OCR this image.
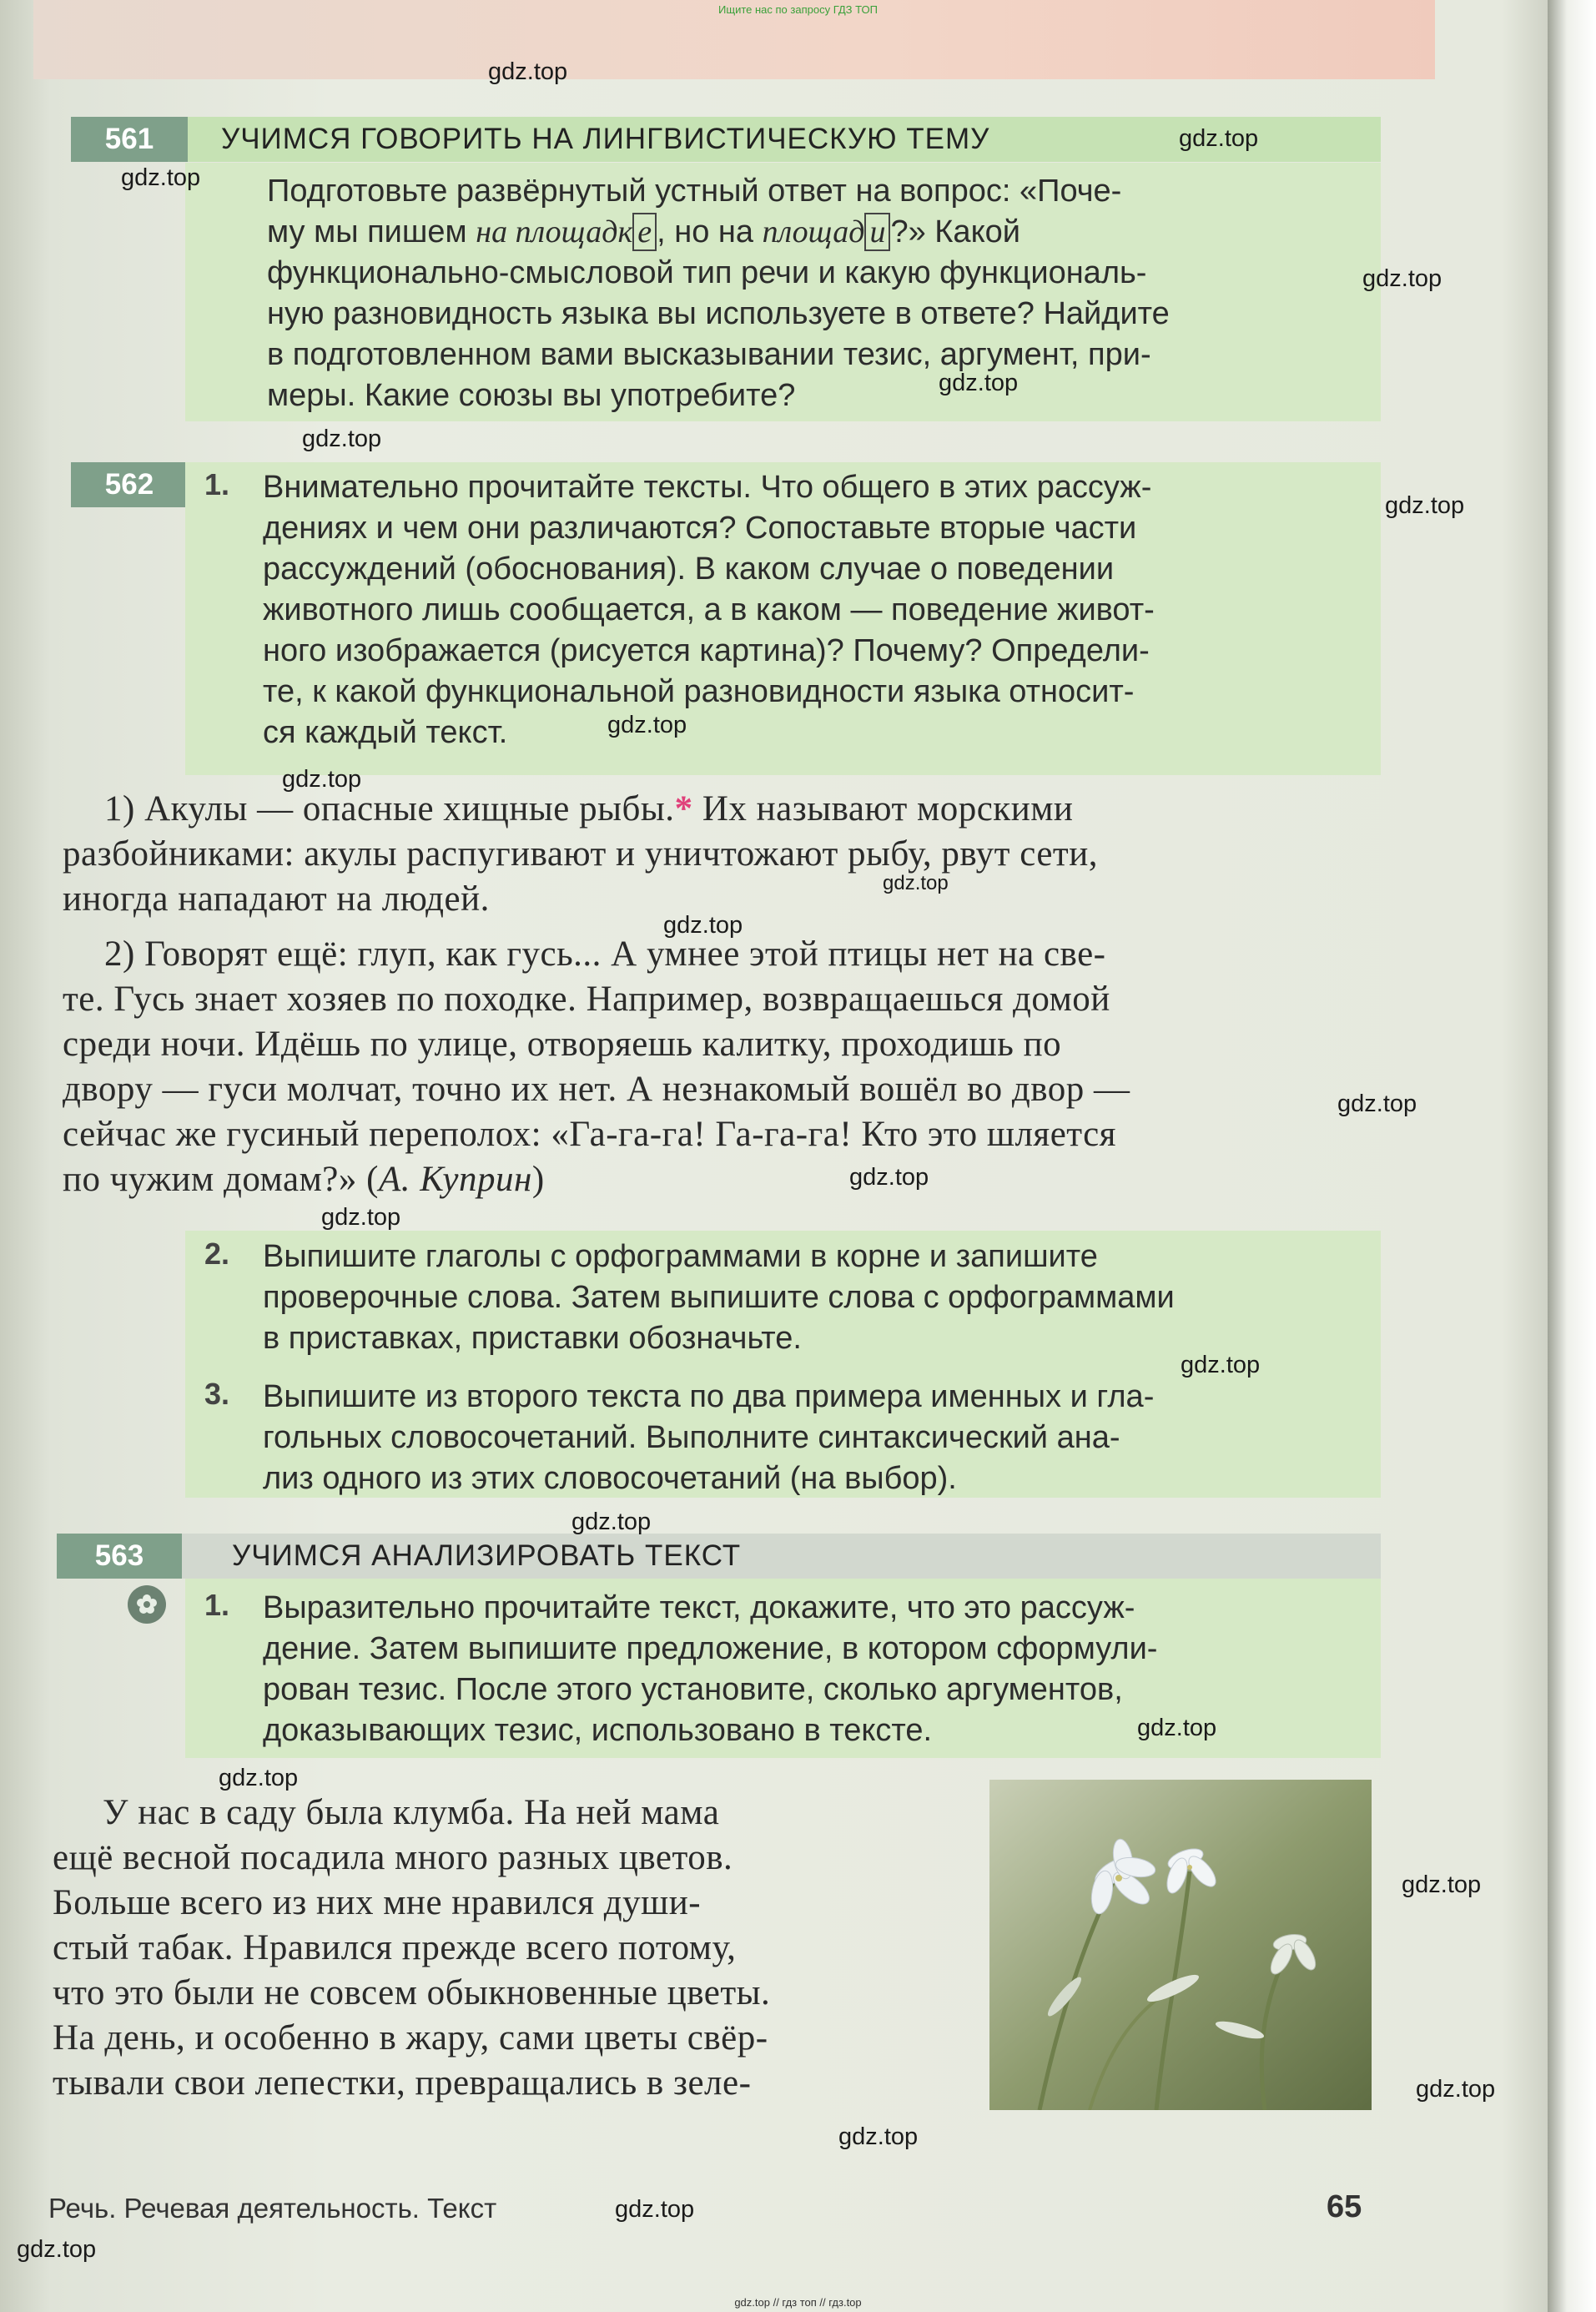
Ищите нас по запросу ГДЗ ТОП
561	УЧИМСЯ ГОВОРИТЬ НА ЛИНГВИСТИЧЕСКУЮ ТЕМУ
Подготовьте развёрнутый устный ответ на вопрос: «Поче-
му мы пишем на площадк е , но на площад и ?» Какой
функционально-смысловой тип речи и какую функциональ-
ную разновидность языка вы используете в ответе? Найдите
в подготовленном вами высказывании тезис, аргумент, при-
меры. Какие союзы вы употребите?
562	1. Внимательно прочитайте тексты. Что общего в этих рассуж-
дениях и чем они различаются? Сопоставьте вторые части
рассуждений (обоснования). В каком случае о поведении
животного лишь сообщается, а в каком — поведение живот-
ного изображается (рисуется картина)? Почему? Определи-
те, к какой функциональной разновидности языка относит-
ся каждый текст.
1) Акулы — опасные хищные рыбы.* Их называют морскими
разбойниками: акулы распугивают и уничтожают рыбу, рвут сети,
иногда нападают на людей.
2) Говорят ещё: глуп, как гусь... А умнее этой птицы нет на све-
те. Гусь знает хозяев по походке. Например, возвращаешься домой
среди ночи. Идёшь по улице, отворяешь калитку, проходишь по
двору — гуси молчат, точно их нет. А незнакомый вошёл во двор —
сейчас же гусиный переполох: «Га-га-га! Га-га-га! Кто это шляется
по чужим домам?» (А. Куприн)
2. Выпишите глаголы с орфограммами в корне и запишите
проверочные слова. Затем выпишите слова с орфограммами
в приставках, приставки обозначьте.
3. Выпишите из второго текста по два примера именных и гла-
гольных словосочетаний. Выполните синтаксический ана-
лиз одного из этих словосочетаний (на выбор).
563	УЧИМСЯ АНАЛИЗИРОВАТЬ ТЕКСТ
1. Выразительно прочитайте текст, докажите, что это рассуж-
дение. Затем выпишите предложение, в котором сформули-
рован тезис. После этого установите, сколько аргументов,
доказывающих тезис, использовано в тексте.
У нас в саду была клумба. На ней мама
ещё весной посадила много разных цветов.
Больше всего из них мне нравился души-
стый табак. Нравился прежде всего потому,
что это были не совсем обыкновенные цветы.
На день, и особенно в жару, сами цветы свёр-
тывали свои лепестки, превращались в зеле-
Речь. Речевая деятельность. Текст	65
gdz.top // гдз топ // гдз.top
gdz.top
gdz.top
gdz.top
gdz.top
gdz.top
gdz.top
gdz.top
gdz.top
gdz.top
gdz.top
gdz.top
gdz.top
gdz.top
gdz.top
gdz.top
gdz.top
gdz.top
gdz.top
gdz.top
gdz.top
gdz.top
gdz.top
gdz.top
